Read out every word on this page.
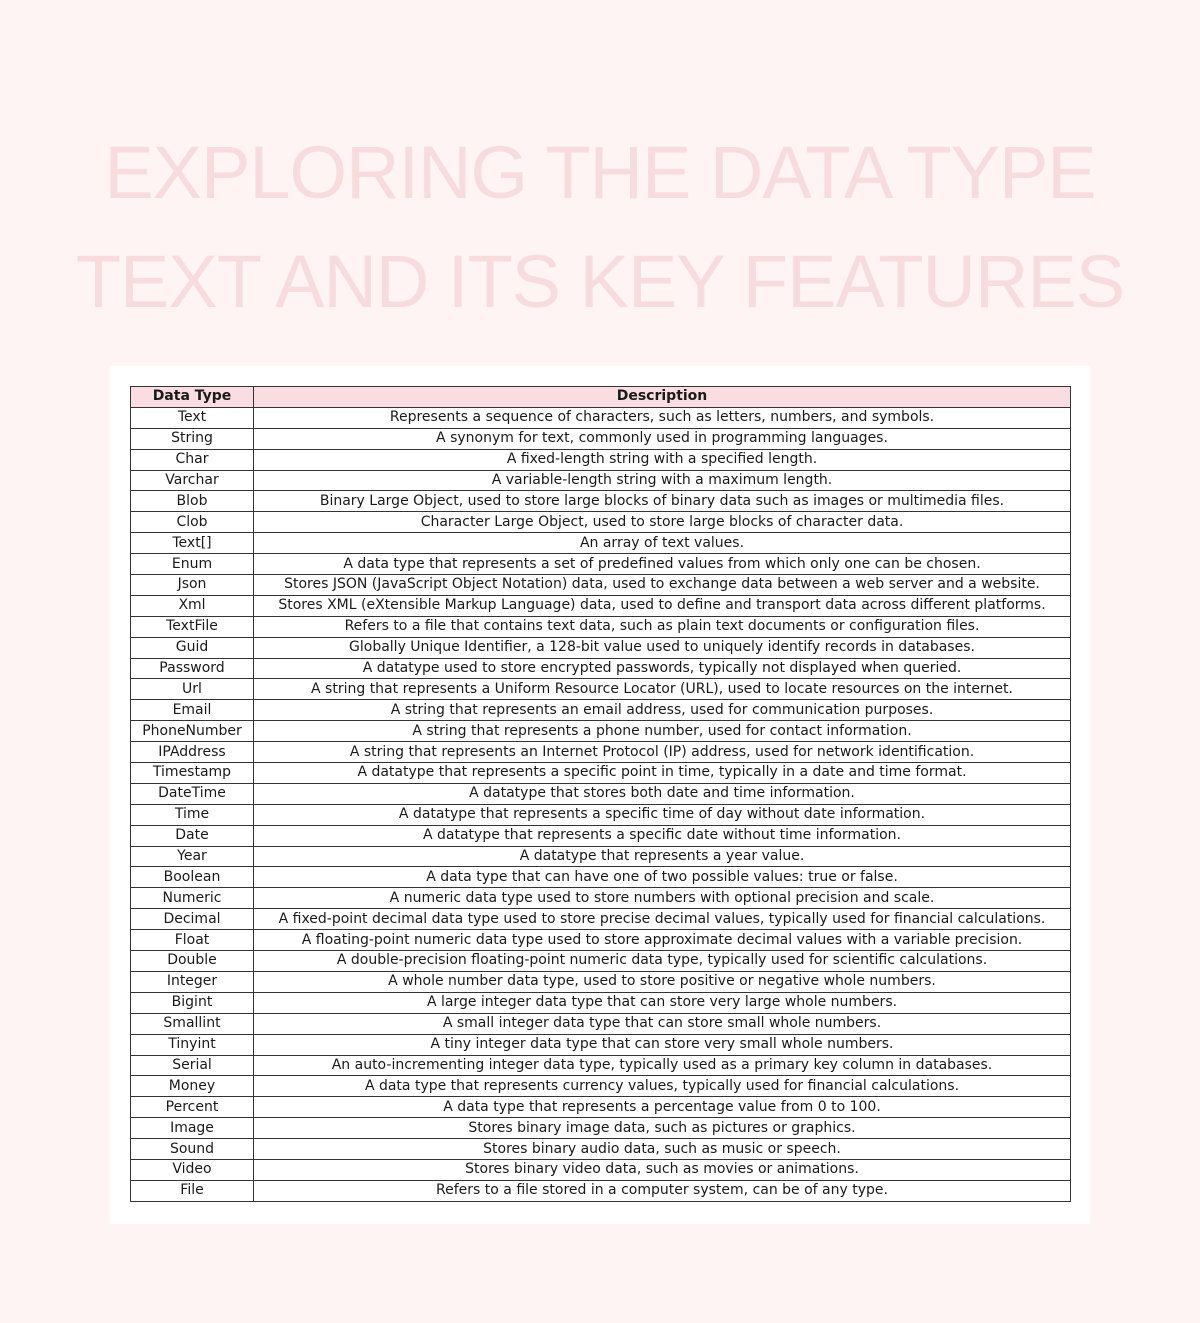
EXPLORING THE DATA TYPE
TEXT AND ITS KEY FEATURES
Data Type	Description
Text	Represents a sequence of characters, such as letters, numbers, and symbols.
String	A synonym for text, commonly used in programming languages.
Char	A fixed-length string with a specified length.
Varchar	A variable-length string with a maximum length.
Blob	Binary Large Object, used to store large blocks of binary data such as images or multimedia files.
Clob	Character Large Object, used to store large blocks of character data.
Text[]	An array of text values.
Enum	A data type that represents a set of predefined values from which only one can be chosen.
Json	Stores JSON (JavaScript Object Notation) data, used to exchange data between a web server and a website.
Xml	Stores XML (eXtensible Markup Language) data, used to define and transport data across different platforms.
TextFile	Refers to a file that contains text data, such as plain text documents or configuration files.
Guid	Globally Unique Identifier, a 128-bit value used to uniquely identify records in databases.
Password	A datatype used to store encrypted passwords, typically not displayed when queried.
Url	A string that represents a Uniform Resource Locator (URL), used to locate resources on the internet.
Email	A string that represents an email address, used for communication purposes.
PhoneNumber	A string that represents a phone number, used for contact information.
IPAddress	A string that represents an Internet Protocol (IP) address, used for network identification.
Timestamp	A datatype that represents a specific point in time, typically in a date and time format.
DateTime	A datatype that stores both date and time information.
Time	A datatype that represents a specific time of day without date information.
Date	A datatype that represents a specific date without time information.
Year	A datatype that represents a year value.
Boolean	A data type that can have one of two possible values: true or false.
Numeric	A numeric data type used to store numbers with optional precision and scale.
Decimal	A fixed-point decimal data type used to store precise decimal values, typically used for financial calculations.
Float	A floating-point numeric data type used to store approximate decimal values with a variable precision.
Double	A double-precision floating-point numeric data type, typically used for scientific calculations.
Integer	A whole number data type, used to store positive or negative whole numbers.
Bigint	A large integer data type that can store very large whole numbers.
Smallint	A small integer data type that can store small whole numbers.
Tinyint	A tiny integer data type that can store very small whole numbers.
Serial	An auto-incrementing integer data type, typically used as a primary key column in databases.
Money	A data type that represents currency values, typically used for financial calculations.
Percent	A data type that represents a percentage value from 0 to 100.
Image	Stores binary image data, such as pictures or graphics.
Sound	Stores binary audio data, such as music or speech.
Video	Stores binary video data, such as movies or animations.
File	Refers to a file stored in a computer system, can be of any type.
